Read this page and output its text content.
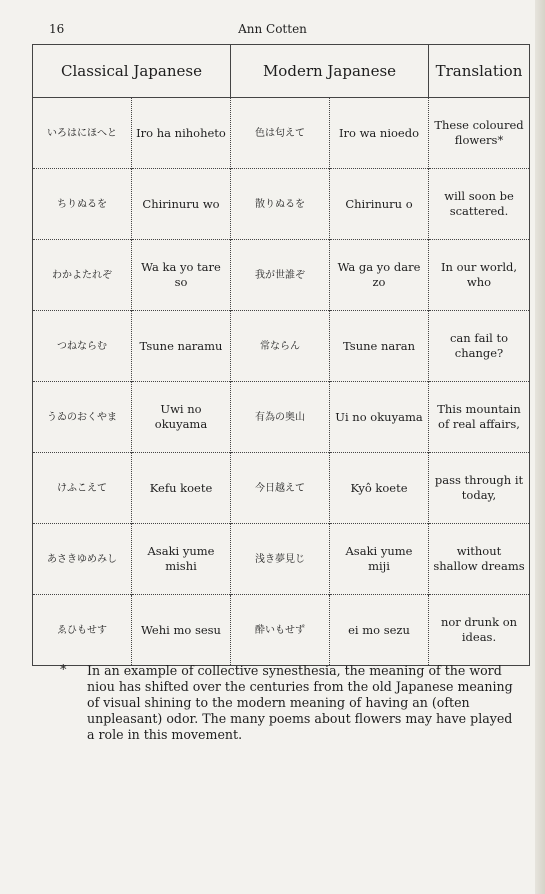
16	Ann Cotten
Classical Japanese		Modern Japanese		Translation
いろはにほへと	Iro ha nihoheto	色は匂えて	Iro wa nioedo	These coloured flowers*
ちりぬるを	Chirinuru wo	散りぬるを	Chirinuru o	will soon be scattered.
わかよたれぞ	Wa ka yo tare so	我が世誰ぞ	Wa ga yo dare zo	In our world, who
つねならむ	Tsune naramu	常ならん	Tsune naran	can fail to change?
うゐのおくやま	Uwi no okuyama	有為の奥山	Ui no okuyama	This mountain of real affairs,
けふこえて	Kefu koete	今日越えて	Kyô koete	pass through it today,
あさきゆめみし	Asaki yume mishi	浅き夢見じ	Asaki yume miji	without shallow dreams
ゑひもせす	Wehi mo sesu	酔いもせず	ei mo sezu	nor drunk on ideas.
* In an example of collective synesthesia, the meaning of the word niou has shifted over the centuries from the old Japanese meaning of visual shining to the modern meaning of having an (often unpleasant) odor. The many poems about flowers may have played a role in this movement.
